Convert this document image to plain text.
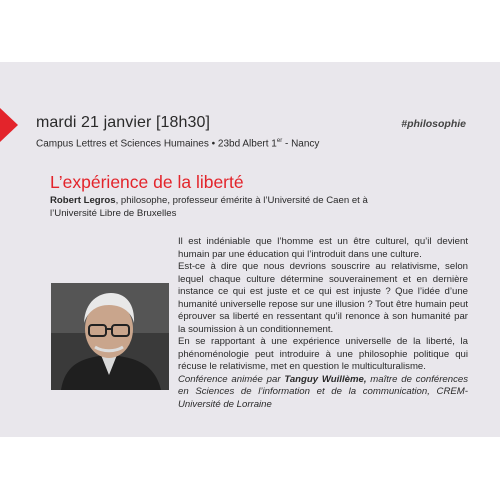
mardi 21 janvier [18h30]	#philosophie
Campus Lettres et Sciences Humaines • 23bd Albert 1er - Nancy
L’expérience de la liberté
Robert Legros, philosophe, professeur émérite à l’Université de Caen et à l’Université Libre de Bruxelles

Il est indéniable que l’homme est un être culturel, qu’il devient humain par une éducation qui l’introduit dans une culture.

Est-ce à dire que nous devrions souscrire au relativisme, selon lequel chaque culture détermine souverainement et en dernière instance ce qui est juste et ce qui est injuste ? Que l’idée d’une humanité universelle repose sur une illusion ? Tout être humain peut éprouver sa liberté en ressentant qu’il renonce à son humanité par la soumission à un conditionnement.

En se rapportant à une expérience universelle de la liberté, la phénoménologie peut introduire à une philosophie politique qui récuse le relativisme, met en question le multiculturalisme.

Conférence animée par Tanguy Wuillème, maître de conférences en Sciences de l’information et de la communication, CREM-Université de Lorraine
